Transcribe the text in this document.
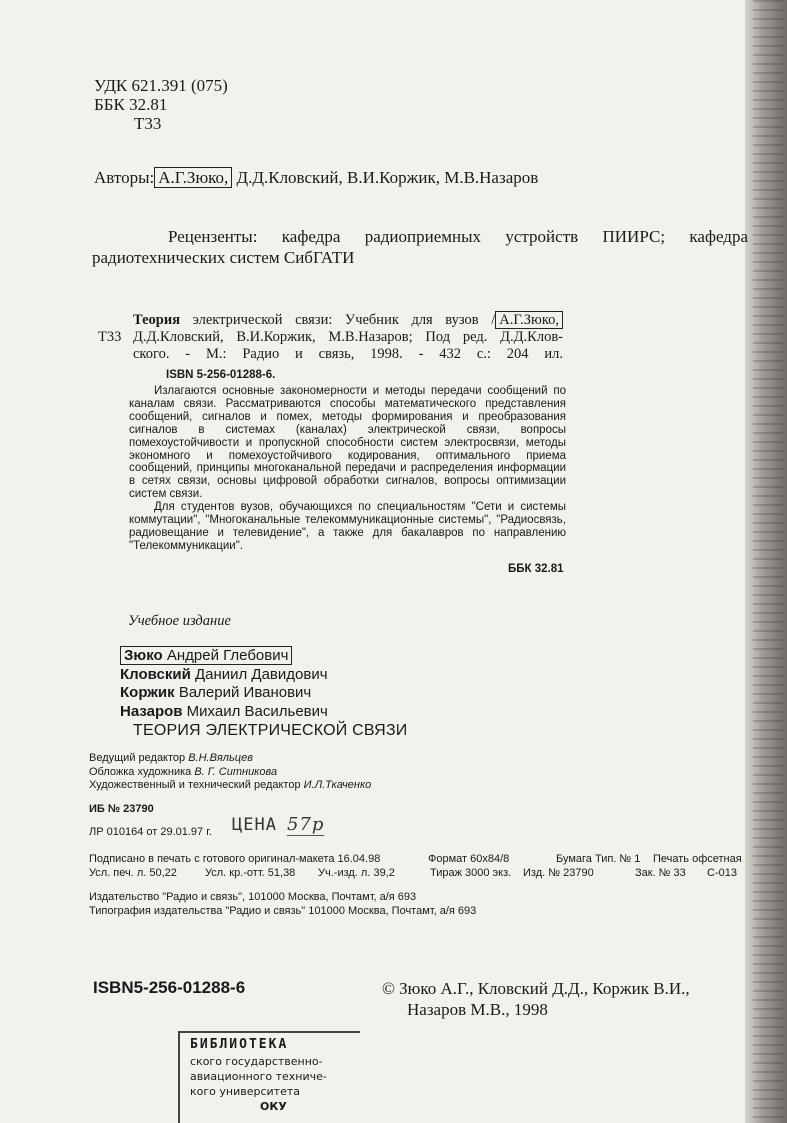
УДК 621.391 (075)
ББК 32.81
Т33
Авторы: А.Г.Зюко, Д.Д.Кловский, В.И.Коржик, М.В.Назаров
Рецензенты: кафедра радиоприемных устройств ПИИРС; кафедра
радиотехнических систем СибГАТИ
Т33
Теория электрической связи: Учебник для вузов / А.Г.Зюко,
Д.Д.Кловский, В.И.Коржик, М.В.Назаров; Под ред. Д.Д.Клов-
ского. - М.: Радио и связь, 1998. - 432 с.: 204 ил.
ISBN 5-256-01288-6.

Излагаются основные закономерности и методы передачи сообщений по каналам связи. Рассматриваются способы математического представления сообщений, сигналов и помех, методы формирования и преобразования сигналов в системах (каналах) электрической связи, вопросы помехоустойчивости и пропускной способности систем электросвязи, методы экономного и помехоустойчивого кодирования, оптимального приема сообщений, принципы многоканальной передачи и распределения информации в сетях связи, основы цифровой обработки сигналов, вопросы оптимизации систем связи.

Для студентов вузов, обучающихся по специальностям "Сети и системы коммутации", "Многоканальные телекоммуникационные системы", "Радиосвязь, радиовещание и телевидение", а также для бакалавров по направлению "Телекоммуникации".

ББК 32.81
Учебное издание
Зюко Андрей Глебович
Кловский Даниил Давидович
Коржик Валерий Иванович
Назаров Михаил Васильевич
ТЕОРИЯ ЭЛЕКТРИЧЕСКОЙ СВЯЗИ
Ведущий редактор В.Н.Вяльцев
Обложка художника В. Г. Ситникова
Художественный и технический редактор И.Л.Ткаченко
ИБ № 23790
ЛР 010164 от 29.01.97 г. ЦЕНА 57р
Подписано в печать с готового оригинал-макета 16.04.98	Формат 60x84/8	Бумага Тип. № 1 Печать офсетная
Усл. печ. л. 50,22	Усл. кр.-отт. 51,38 Уч.-изд. л. 39,2	Тираж 3000 экз. Изд. № 23790	Зак. № 33 С-013
Издательство "Радио и связь", 101000 Москва, Почтамт, а/я 693
Типография издательства "Радио и связь" 101000 Москва, Почтамт, а/я 693
ISBN5-256-01288-6	© Зюко А.Г., Кловский Д.Д., Коржик В.И.,
Назаров М.В., 1998
БИБЛИОТЕКА
ского государственно-
авиационного техниче-
кого университета
ОКУ
